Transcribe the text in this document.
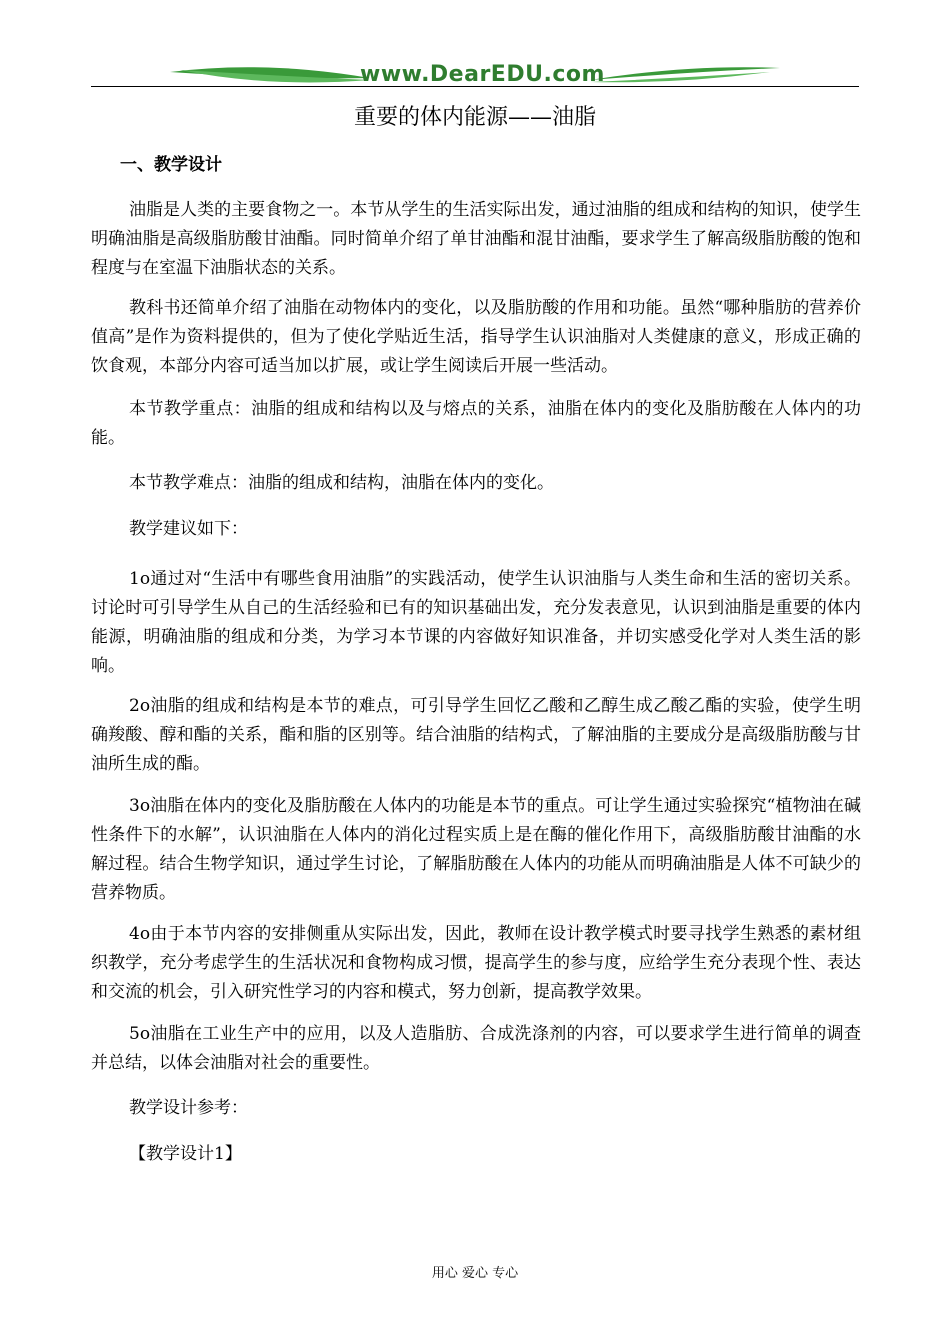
www.DearEDU.com
重要的体内能源——油脂
一、教学设计

油脂是人类的主要食物之一。本节从学生的生活实际出发，通过油脂的组成和结构的知识，使学生明确油脂是高级脂肪酸甘油酯。同时简单介绍了单甘油酯和混甘油酯，要求学生了解高级脂肪酸的饱和程度与在室温下油脂状态的关系。

教科书还简单介绍了油脂在动物体内的变化，以及脂肪酸的作用和功能。虽然“哪种脂肪的营养价值高”是作为资料提供的，但为了使化学贴近生活，指导学生认识油脂对人类健康的意义，形成正确的饮食观，本部分内容可适当加以扩展，或让学生阅读后开展一些活动。

本节教学重点：油脂的组成和结构以及与熔点的关系，油脂在体内的变化及脂肪酸在人体内的功能。

本节教学难点：油脂的组成和结构，油脂在体内的变化。

教学建议如下：

1o通过对“生活中有哪些食用油脂”的实践活动，使学生认识油脂与人类生命和生活的密切关系。讨论时可引导学生从自己的生活经验和已有的知识基础出发，充分发表意见，认识到油脂是重要的体内能源，明确油脂的组成和分类，为学习本节课的内容做好知识准备，并切实感受化学对人类生活的影响。

2o油脂的组成和结构是本节的难点，可引导学生回忆乙酸和乙醇生成乙酸乙酯的实验，使学生明确羧酸、醇和酯的关系，酯和脂的区别等。结合油脂的结构式，了解油脂的主要成分是高级脂肪酸与甘油所生成的酯。

3o油脂在体内的变化及脂肪酸在人体内的功能是本节的重点。可让学生通过实验探究“植物油在碱性条件下的水解”，认识油脂在人体内的消化过程实质上是在酶的催化作用下，高级脂肪酸甘油酯的水解过程。结合生物学知识，通过学生讨论，了解脂肪酸在人体内的功能从而明确油脂是人体不可缺少的营养物质。

4o由于本节内容的安排侧重从实际出发，因此，教师在设计教学模式时要寻找学生熟悉的素材组织教学，充分考虑学生的生活状况和食物构成习惯，提高学生的参与度，应给学生充分表现个性、表达和交流的机会，引入研究性学习的内容和模式，努力创新，提高教学效果。

5o油脂在工业生产中的应用，以及人造脂肪、合成洗涤剂的内容，可以要求学生进行简单的调查并总结，以体会油脂对社会的重要性。

教学设计参考：

【教学设计1】

用心 爱心 专心
